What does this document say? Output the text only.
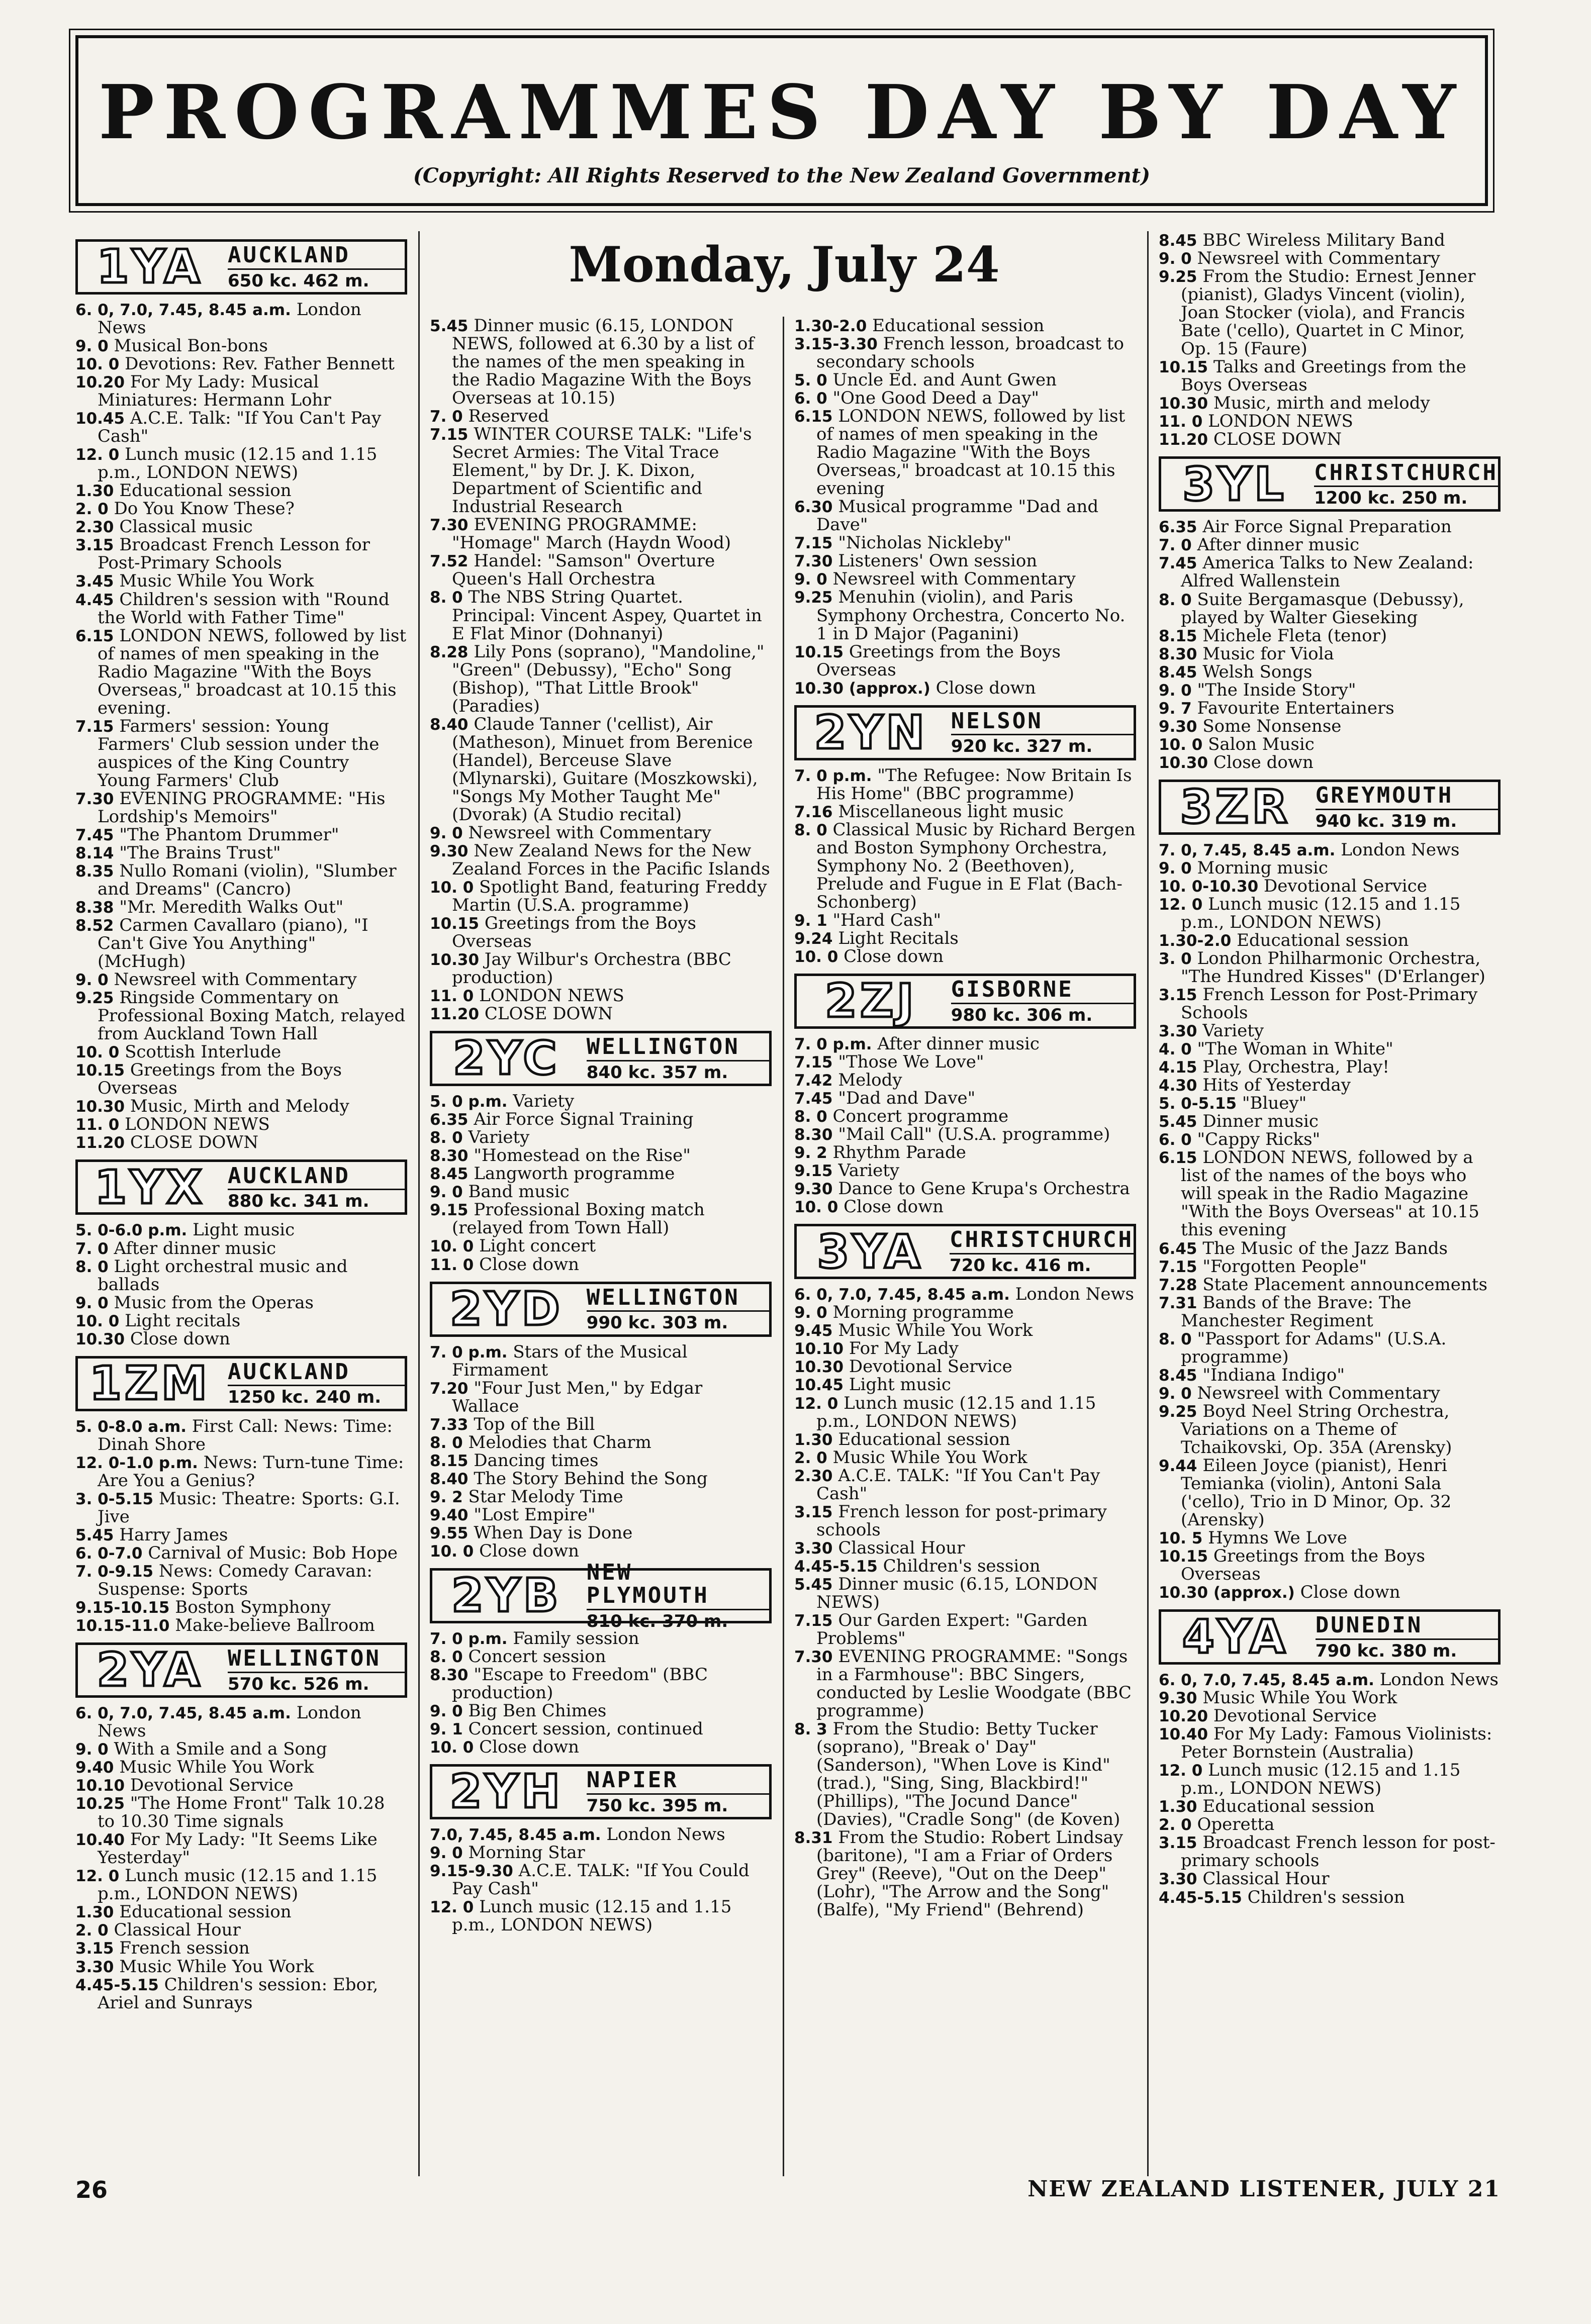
PROGRAMMES DAY BY DAY
(Copyright: All Rights Reserved to the New Zealand Government)
Monday, July 24
1YA	AUCKLAND
650 kc. 462 m.

6. 0, 7.0, 7.45, 8.45 a.m. London News

9. 0 Musical Bon-bons

10. 0 Devotions: Rev. Father Bennett

10.20 For My Lady: Musical Miniatures: Hermann Lohr

10.45 A.C.E. Talk: "If You Can't Pay Cash"

12. 0 Lunch music (12.15 and 1.15 p.m., LONDON NEWS)

1.30 Educational session

2. 0 Do You Know These?

2.30 Classical music

3.15 Broadcast French Lesson for Post-Primary Schools

3.45 Music While You Work

4.45 Children's session with "Round the World with Father Time"

6.15 LONDON NEWS, followed by list of names of men speaking in the Radio Magazine "With the Boys Overseas," broadcast at 10.15 this evening.

7.15 Farmers' session: Young Farmers' Club session under the auspices of the King Country Young Farmers' Club

7.30 EVENING PROGRAMME: "His Lordship's Memoirs"

7.45 "The Phantom Drummer"

8.14 "The Brains Trust"

8.35 Nullo Romani (violin), "Slumber and Dreams" (Cancro)

8.38 "Mr. Meredith Walks Out"

8.52 Carmen Cavallaro (piano), "I Can't Give You Anything" (McHugh)

9. 0 Newsreel with Commentary

9.25 Ringside Commentary on Professional Boxing Match, relayed from Auckland Town Hall

10. 0 Scottish Interlude

10.15 Greetings from the Boys Overseas

10.30 Music, Mirth and Melody

11. 0 LONDON NEWS

11.20 CLOSE DOWN

1YX	AUCKLAND
880 kc. 341 m.

5. 0-6.0 p.m. Light music

7. 0 After dinner music

8. 0 Light orchestral music and ballads

9. 0 Music from the Operas

10. 0 Light recitals

10.30 Close down

1ZM AUCKLAND
1250 kc. 240 m.

5. 0-8.0 a.m. First Call: News: Time: Dinah Shore

12. 0-1.0 p.m. News: Turn-tune Time: Are You a Genius?

3. 0-5.15 Music: Theatre: Sports: G.I. Jive

5.45 Harry James

6. 0-7.0 Carnival of Music: Bob Hope

7. 0-9.15 News: Comedy Caravan: Suspense: Sports

9.15-10.15 Boston Symphony

10.15-11.0 Make-believe Ballroom

2YA	WELLINGTON
570 kc. 526 m.

6. 0, 7.0, 7.45, 8.45 a.m. London News

9. 0 With a Smile and a Song

9.40 Music While You Work

10.10 Devotional Service

10.25 "The Home Front" Talk 10.28 to 10.30 Time signals

10.40 For My Lady: "It Seems Like Yesterday"

12. 0 Lunch music (12.15 and 1.15 p.m., LONDON NEWS)

1.30 Educational session

2. 0 Classical Hour

3.15 French session

3.30 Music While You Work

4.45-5.15 Children's session: Ebor, Ariel and Sunrays

5.45 Dinner music (6.15, LONDON NEWS, followed at 6.30 by a list of the names of the men speaking in the Radio Magazine With the Boys Overseas at 10.15)

7. 0 Reserved

7.15 WINTER COURSE TALK: "Life's Secret Armies: The Vital Trace Element," by Dr. J. K. Dixon, Department of Scientific and Industrial Research

7.30 EVENING PROGRAMME: "Homage" March (Haydn Wood)

7.52 Handel: "Samson" Overture Queen's Hall Orchestra

8. 0 The NBS String Quartet. Principal: Vincent Aspey, Quartet in E Flat Minor (Dohnanyi)

8.28 Lily Pons (soprano), "Mandoline," "Green" (Debussy), "Echo" Song (Bishop), "That Little Brook" (Paradies)

8.40 Claude Tanner ('cellist), Air (Matheson), Minuet from Berenice (Handel), Berceuse Slave (Mlynarski), Guitare (Moszkowski), "Songs My Mother Taught Me" (Dvorak) (A Studio recital)

9. 0 Newsreel with Commentary

9.30 New Zealand News for the New Zealand Forces in the Pacific Islands

10. 0 Spotlight Band, featuring Freddy Martin (U.S.A. programme)

10.15 Greetings from the Boys Overseas

10.30 Jay Wilbur's Orchestra (BBC production)

11. 0 LONDON NEWS

11.20 CLOSE DOWN

2YC	WELLINGTON
840 kc. 357 m.

5. 0 p.m. Variety

6.35 Air Force Signal Training

8. 0 Variety

8.30 "Homestead on the Rise"

8.45 Langworth programme

9. 0 Band music

9.15 Professional Boxing match (relayed from Town Hall)

10. 0 Light concert

11. 0 Close down

2YD	WELLINGTON
990 kc. 303 m.

7. 0 p.m. Stars of the Musical Firmament

7.20 "Four Just Men," by Edgar Wallace

7.33 Top of the Bill

8. 0 Melodies that Charm

8.15 Dancing times

8.40 The Story Behind the Song

9. 2 Star Melody Time

9.40 "Lost Empire"

9.55 When Day is Done

10. 0 Close down

2YB	NEW PLYMOUTH
810 kc. 370 m.

7. 0 p.m. Family session

8. 0 Concert session

8.30 "Escape to Freedom" (BBC production)

9. 0 Big Ben Chimes

9. 1 Concert session, continued

10. 0 Close down

2YH	NAPIER
750 kc. 395 m.

7.0, 7.45, 8.45 a.m. London News

9. 0 Morning Star

9.15-9.30 A.C.E. TALK: "If You Could Pay Cash"

12. 0 Lunch music (12.15 and 1.15 p.m., LONDON NEWS)

1.30-2.0 Educational session

3.15-3.30 French lesson, broadcast to secondary schools

5. 0 Uncle Ed. and Aunt Gwen

6. 0 "One Good Deed a Day"

6.15 LONDON NEWS, followed by list of names of men speaking in the Radio Magazine "With the Boys Overseas," broadcast at 10.15 this evening

6.30 Musical programme "Dad and Dave"

7.15 "Nicholas Nickleby"

7.30 Listeners' Own session

9. 0 Newsreel with Commentary

9.25 Menuhin (violin), and Paris Symphony Orchestra, Concerto No. 1 in D Major (Paganini)

10.15 Greetings from the Boys Overseas

10.30 (approx.) Close down

2YN	NELSON
920 kc. 327 m.

7. 0 p.m. "The Refugee: Now Britain Is His Home" (BBC programme)

7.16 Miscellaneous light music

8. 0 Classical Music by Richard Bergen and Boston Symphony Orchestra, Symphony No. 2 (Beethoven), Prelude and Fugue in E Flat (Bach-Schonberg)

9. 1 "Hard Cash"

9.24 Light Recitals

10. 0 Close down

2ZJ	GISBORNE
980 kc. 306 m.

7. 0 p.m. After dinner music

7.15 "Those We Love"

7.42 Melody

7.45 "Dad and Dave"

8. 0 Concert programme

8.30 "Mail Call" (U.S.A. programme)

9. 2 Rhythm Parade

9.15 Variety

9.30 Dance to Gene Krupa's Orchestra

10. 0 Close down

3YA	CHRISTCHURCH
720 kc. 416 m.

6. 0, 7.0, 7.45, 8.45 a.m. London News

9. 0 Morning programme

9.45 Music While You Work

10.10 For My Lady

10.30 Devotional Service

10.45 Light music

12. 0 Lunch music (12.15 and 1.15 p.m., LONDON NEWS)

1.30 Educational session

2. 0 Music While You Work

2.30 A.C.E. TALK: "If You Can't Pay Cash"

3.15 French lesson for post-primary schools

3.30 Classical Hour

4.45-5.15 Children's session

5.45 Dinner music (6.15, LONDON NEWS)

7.15 Our Garden Expert: "Garden Problems"

7.30 EVENING PROGRAMME: "Songs in a Farmhouse": BBC Singers, conducted by Leslie Woodgate (BBC programme)

8. 3 From the Studio: Betty Tucker (soprano), "Break o' Day" (Sanderson), "When Love is Kind" (trad.), "Sing, Sing, Blackbird!" (Phillips), "The Jocund Dance" (Davies), "Cradle Song" (de Koven)

8.31 From the Studio: Robert Lindsay (baritone), "I am a Friar of Orders Grey" (Reeve), "Out on the Deep" (Lohr), "The Arrow and the Song" (Balfe), "My Friend" (Behrend)

8.45 BBC Wireless Military Band

9. 0 Newsreel with Commentary

9.25 From the Studio: Ernest Jenner (pianist), Gladys Vincent (violin), Joan Stocker (viola), and Francis Bate ('cello), Quartet in C Minor, Op. 15 (Faure)

10.15 Talks and Greetings from the Boys Overseas

10.30 Music, mirth and melody

11. 0 LONDON NEWS

11.20 CLOSE DOWN

3YL	CHRISTCHURCH
1200 kc. 250 m.

6.35 Air Force Signal Preparation

7. 0 After dinner music

7.45 America Talks to New Zealand: Alfred Wallenstein

8. 0 Suite Bergamasque (Debussy), played by Walter Gieseking

8.15 Michele Fleta (tenor)

8.30 Music for Viola

8.45 Welsh Songs

9. 0 "The Inside Story"

9. 7 Favourite Entertainers

9.30 Some Nonsense

10. 0 Salon Music

10.30 Close down

3ZR	GREYMOUTH
940 kc. 319 m.

7. 0, 7.45, 8.45 a.m. London News

9. 0 Morning music

10. 0-10.30 Devotional Service

12. 0 Lunch music (12.15 and 1.15 p.m., LONDON NEWS)

1.30-2.0 Educational session

3. 0 London Philharmonic Orchestra, "The Hundred Kisses" (D'Erlanger)

3.15 French Lesson for Post-Primary Schools

3.30 Variety

4. 0 "The Woman in White"

4.15 Play, Orchestra, Play!

4.30 Hits of Yesterday

5. 0-5.15 "Bluey"

5.45 Dinner music

6. 0 "Cappy Ricks"

6.15 LONDON NEWS, followed by a list of the names of the boys who will speak in the Radio Magazine "With the Boys Overseas" at 10.15 this evening

6.45 The Music of the Jazz Bands

7.15 "Forgotten People"

7.28 State Placement announcements

7.31 Bands of the Brave: The Manchester Regiment

8. 0 "Passport for Adams" (U.S.A. programme)

8.45 "Indiana Indigo"

9. 0 Newsreel with Commentary

9.25 Boyd Neel String Orchestra, Variations on a Theme of Tchaikovski, Op. 35A (Arensky)

9.44 Eileen Joyce (pianist), Henri Temianka (violin), Antoni Sala ('cello), Trio in D Minor, Op. 32 (Arensky)

10. 5 Hymns We Love

10.15 Greetings from the Boys Overseas

10.30 (approx.) Close down

4YA	DUNEDIN
790 kc. 380 m.

6. 0, 7.0, 7.45, 8.45 a.m. London News

9.30 Music While You Work

10.20 Devotional Service

10.40 For My Lady: Famous Violinists: Peter Bornstein (Australia)

12. 0 Lunch music (12.15 and 1.15 p.m., LONDON NEWS)

1.30 Educational session

2. 0 Operetta

3.15 Broadcast French lesson for post-primary schools

3.30 Classical Hour

4.45-5.15 Children's session

26	NEW ZEALAND LISTENER, JULY 21
